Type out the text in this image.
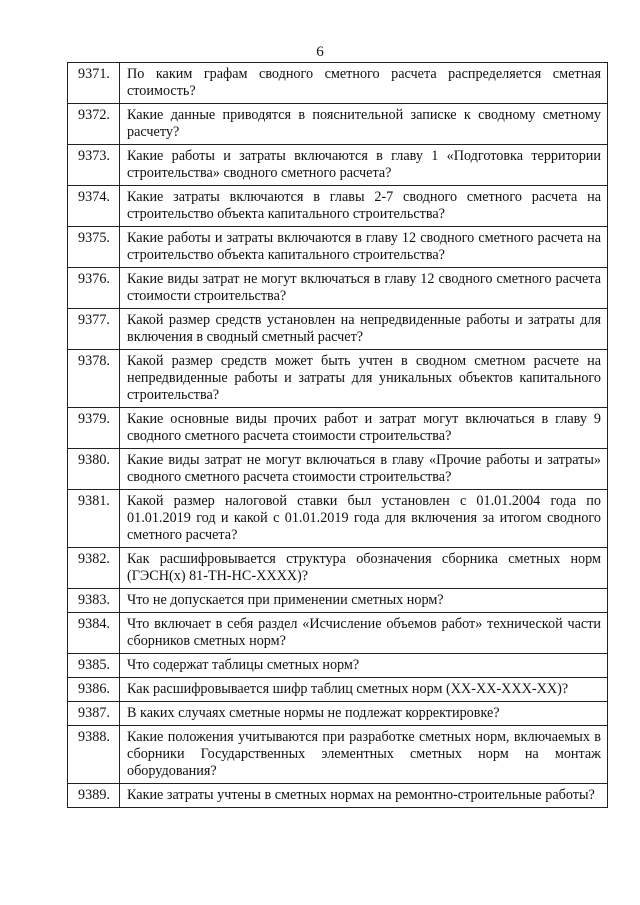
6
9371.	По каким графам сводного сметного расчета распределяется сметная стоимость?
9372.	Какие данные приводятся в пояснительной записке к сводному сметному расчету?
9373.	Какие работы и затраты включаются в главу 1 «Подготовка территории строительства» сводного сметного расчета?
9374.	Какие затраты включаются в главы 2-7 сводного сметного расчета на строительство объекта капитального строительства?
9375.	Какие работы и затраты включаются в главу 12 сводного сметного расчета на строительство объекта капитального строительства?
9376.	Какие виды затрат не могут включаться в главу 12 сводного сметного расчета стоимости строительства?
9377.	Какой размер средств установлен на непредвиденные работы и затраты для включения в сводный сметный расчет?
9378.	Какой размер средств может быть учтен в сводном сметном расчете на непредвиденные работы и затраты для уникальных объектов капитального строительства?
9379.	Какие основные виды прочих работ и затрат могут включаться в главу 9 сводного сметного расчета стоимости строительства?
9380.	Какие виды затрат не могут включаться в главу «Прочие работы и затраты» сводного сметного расчета стоимости строительства?
9381.	Какой размер налоговой ставки был установлен с 01.01.2004 года по 01.01.2019 год и какой с 01.01.2019 года для включения за итогом сводного сметного расчета?
9382.	Как расшифровывается структура обозначения сборника сметных норм (ГЭСН(х) 81-ТН-НС-ХХХХ)?
9383.	Что не допускается при применении сметных норм?
9384.	Что включает в себя раздел «Исчисление объемов работ» технической части сборников сметных норм?
9385.	Что содержат таблицы сметных норм?
9386.	Как расшифровывается шифр таблиц сметных норм (ХХ-ХХ-ХХХ-ХХ)?
9387.	В каких случаях сметные нормы не подлежат корректировке?
9388.	Какие положения учитываются при разработке сметных норм, включаемых в сборники Государственных элементных сметных норм на монтаж оборудования?
9389.	Какие затраты учтены в сметных нормах на ремонтно-строительные работы?
